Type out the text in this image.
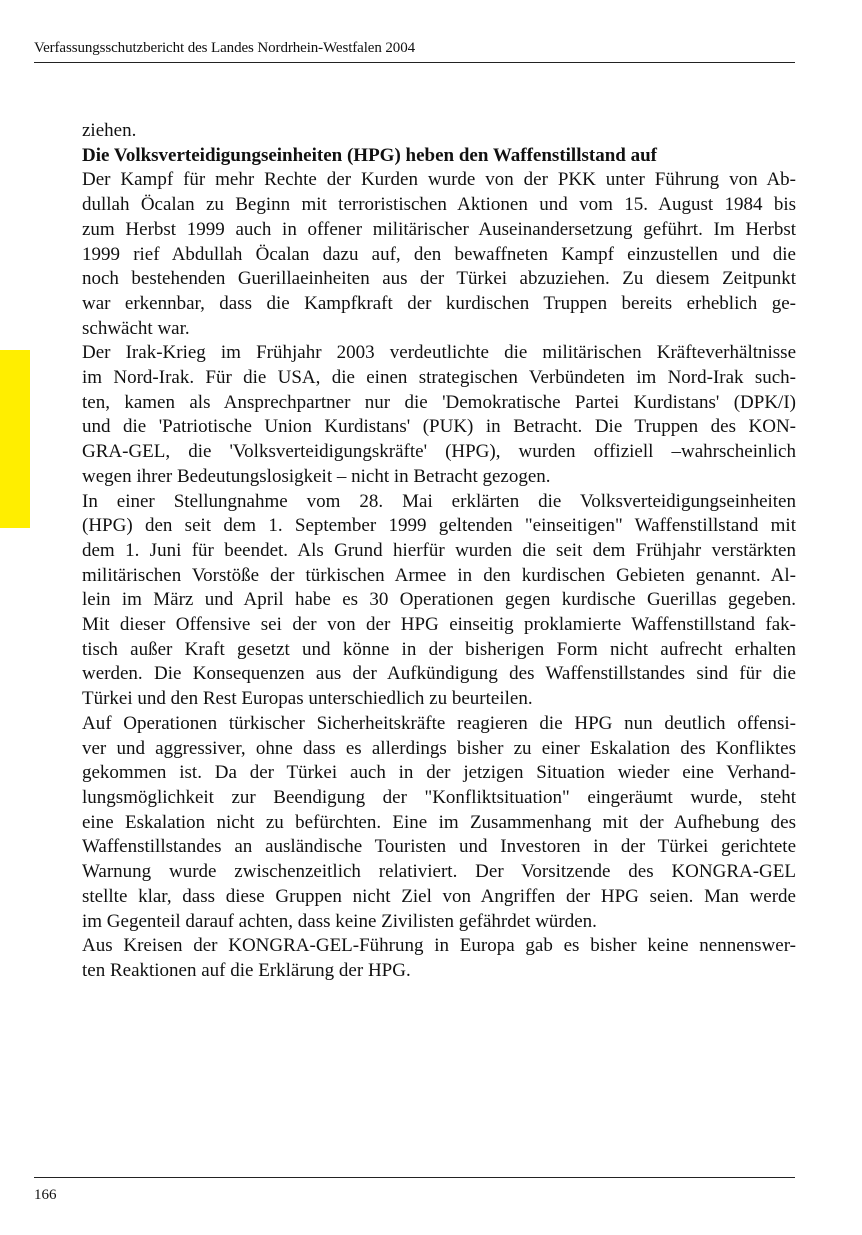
Verfassungsschutzbericht des Landes Nordrhein-Westfalen 2004

ziehen.

Die Volksverteidigungseinheiten (HPG) heben den Waffenstillstand auf

Der Kampf für mehr Rechte der Kurden wurde von der PKK unter Führung von Ab-
dullah Öcalan zu Beginn mit terroristischen Aktionen und vom 15. August 1984 bis
zum Herbst 1999 auch in offener militärischer Auseinandersetzung geführt. Im Herbst
1999 rief Abdullah Öcalan dazu auf, den bewaffneten Kampf einzustellen und die
noch bestehenden Guerillaeinheiten aus der Türkei abzuziehen. Zu diesem Zeitpunkt
war erkennbar, dass die Kampfkraft der kurdischen Truppen bereits erheblich ge-
schwächt war.

Der Irak-Krieg im Frühjahr 2003 verdeutlichte die militärischen Kräfteverhältnisse
im Nord-Irak. Für die USA, die einen strategischen Verbündeten im Nord-Irak such-
ten, kamen als Ansprechpartner nur die 'Demokratische Partei Kurdistans' (DPK/I)
und die 'Patriotische Union Kurdistans' (PUK) in Betracht. Die Truppen des KON-
GRA-GEL, die 'Volksverteidigungskräfte' (HPG), wurden offiziell –wahrscheinlich
wegen ihrer Bedeutungslosigkeit – nicht in Betracht gezogen.

In einer Stellungnahme vom 28. Mai erklärten die Volksverteidigungseinheiten
(HPG) den seit dem 1. September 1999 geltenden "einseitigen" Waffenstillstand mit
dem 1. Juni für beendet. Als Grund hierfür wurden die seit dem Frühjahr verstärkten
militärischen Vorstöße der türkischen Armee in den kurdischen Gebieten genannt. Al-
lein im März und April habe es 30 Operationen gegen kurdische Guerillas gegeben.
Mit dieser Offensive sei der von der HPG einseitig proklamierte Waffenstillstand fak-
tisch außer Kraft gesetzt und könne in der bisherigen Form nicht aufrecht erhalten
werden. Die Konsequenzen aus der Aufkündigung des Waffenstillstandes sind für die
Türkei und den Rest Europas unterschiedlich zu beurteilen.

Auf Operationen türkischer Sicherheitskräfte reagieren die HPG nun deutlich offensi-
ver und aggressiver, ohne dass es allerdings bisher zu einer Eskalation des Konfliktes
gekommen ist. Da der Türkei auch in der jetzigen Situation wieder eine Verhand-
lungsmöglichkeit zur Beendigung der "Konfliktsituation" eingeräumt wurde, steht
eine Eskalation nicht zu befürchten. Eine im Zusammenhang mit der Aufhebung des
Waffenstillstandes an ausländische Touristen und Investoren in der Türkei gerichtete
Warnung wurde zwischenzeitlich relativiert. Der Vorsitzende des KONGRA-GEL
stellte klar, dass diese Gruppen nicht Ziel von Angriffen der HPG seien. Man werde
im Gegenteil darauf achten, dass keine Zivilisten gefährdet würden.

Aus Kreisen der KONGRA-GEL-Führung in Europa gab es bisher keine nennenswer-
ten Reaktionen auf die Erklärung der HPG.

166
